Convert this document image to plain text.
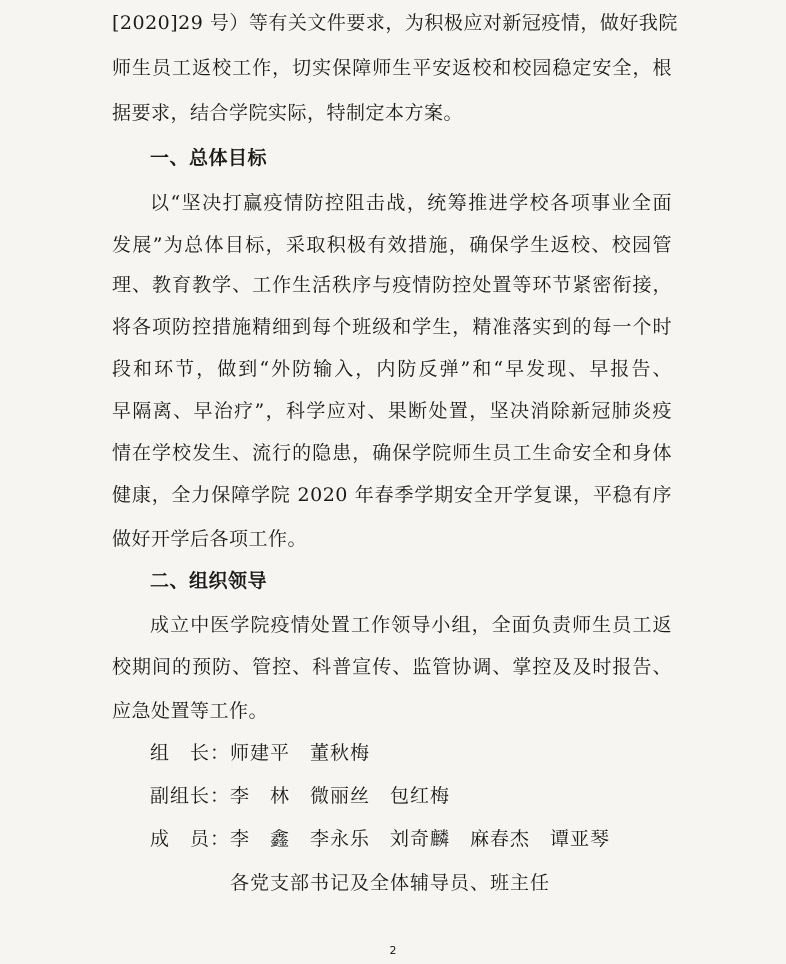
[2020]29 号）等有关文件要求，为积极应对新冠疫情，做好我院
师生员工返校工作，切实保障师生平安返校和校园稳定安全，根
据要求，结合学院实际，特制定本方案。
一、总体目标
以“坚决打赢疫情防控阻击战，统筹推进学校各项事业全面
发展”为总体目标，采取积极有效措施，确保学生返校、校园管
理、教育教学、工作生活秩序与疫情防控处置等环节紧密衔接，
将各项防控措施精细到每个班级和学生，精准落实到的每一个时
段和环节，做到“外防输入，内防反弹”和“早发现、早报告、
早隔离、早治疗”，科学应对、果断处置，坚决消除新冠肺炎疫
情在学校发生、流行的隐患，确保学院师生员工生命安全和身体
健康，全力保障学院 2020 年春季学期安全开学复课，平稳有序
做好开学后各项工作。
二、组织领导
成立中医学院疫情处置工作领导小组，全面负责师生员工返
校期间的预防、管控、科普宣传、监管协调、掌控及及时报告、
应急处置等工作。
组　长：师建平　董秋梅
副组长：李　林　微丽丝　包红梅
成　员：李　鑫　李永乐　刘奇麟　麻春杰　谭亚琴
各党支部书记及全体辅导员、班主任
2
